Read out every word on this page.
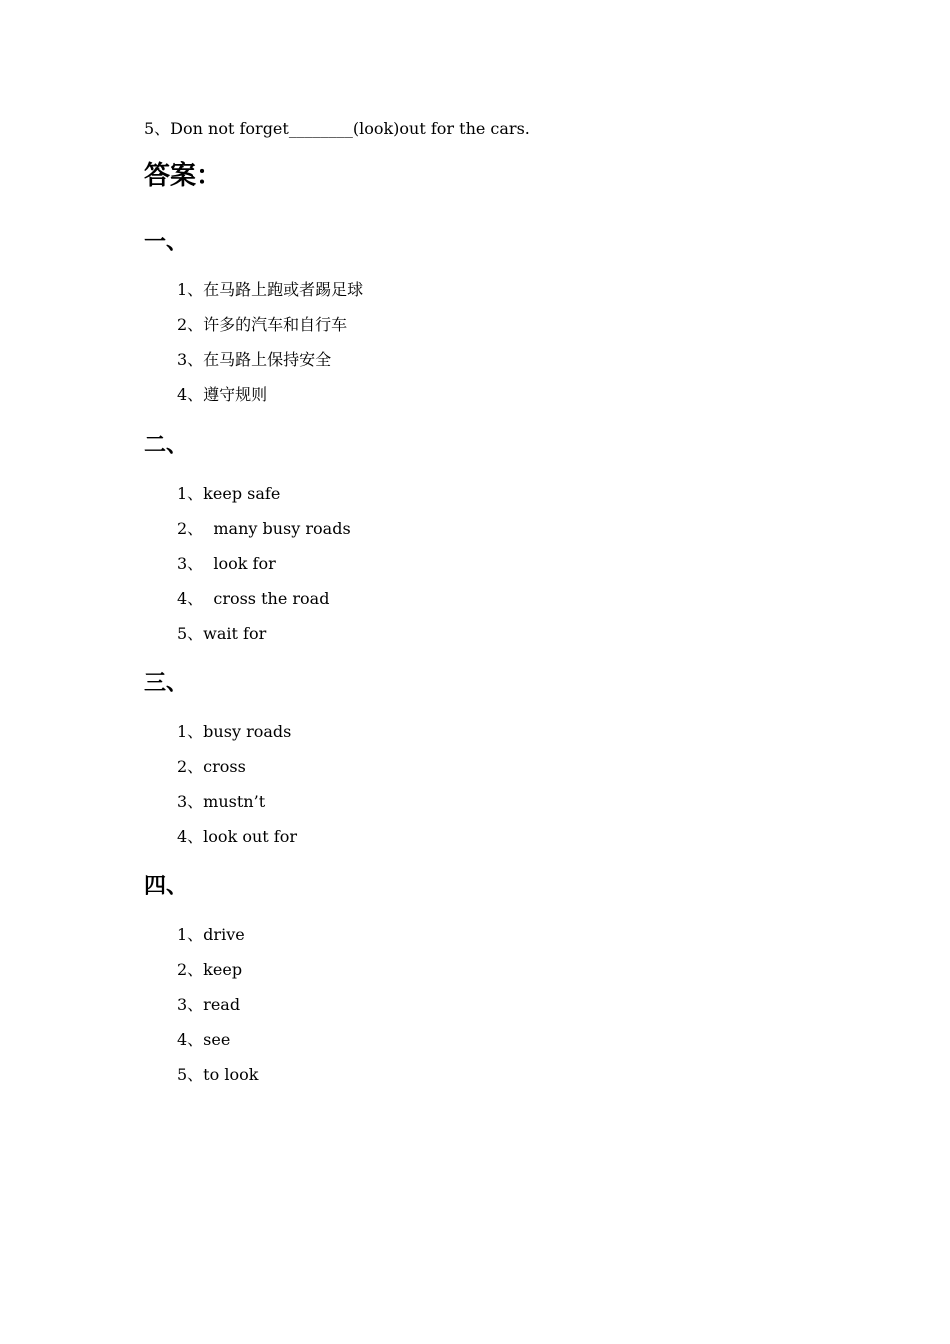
5、Don not forget________(look)out for the cars.
答案：
一、
1、在马路上跑或者踢足球
2、许多的汽车和自行车
3、在马路上保持安全
4、遵守规则
二、
1、keep safe
2、  many busy roads
3、  look for
4、  cross the road
5、wait for
三、
1、busy roads
2、cross
3、mustn’t
4、look out for
四、
1、drive
2、keep
3、read
4、see
5、to look
